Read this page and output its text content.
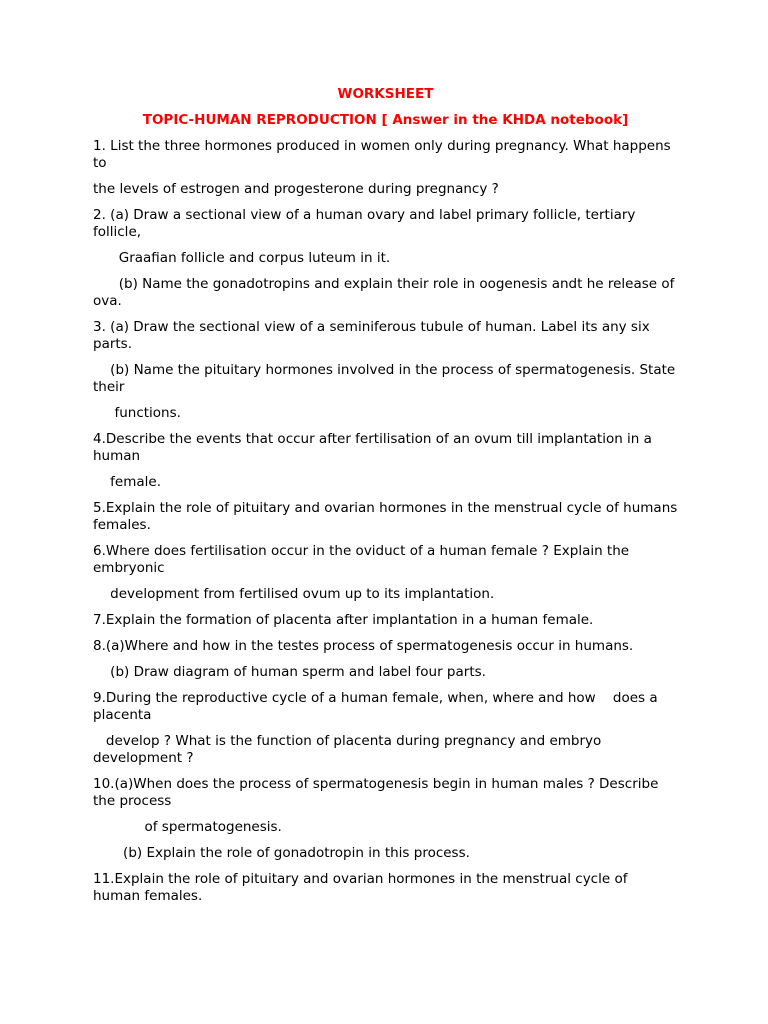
WORKSHEET
TOPIC-HUMAN REPRODUCTION [ Answer in the KHDA notebook]
1. List the three hormones produced in women only during pregnancy. What happens to
the levels of estrogen and progesterone during pregnancy ?
2. (a) Draw a sectional view of a human ovary and label primary follicle, tertiary follicle,
Graafian follicle and corpus luteum in it.
(b) Name the gonadotropins and explain their role in oogenesis andt he release of ova.
3. (a) Draw the sectional view of a seminiferous tubule of human. Label its any six parts.
(b) Name the pituitary hormones involved in the process of spermatogenesis. State their
functions.
4.Describe the events that occur after fertilisation of an ovum till implantation in a human
female.
5.Explain the role of pituitary and ovarian hormones in the menstrual cycle of humans females.
6.Where does fertilisation occur in the oviduct of a human female ? Explain the embryonic
development from fertilised ovum up to its implantation.
7.Explain the formation of placenta after implantation in a human female.
8.(a)Where and how in the testes process of spermatogenesis occur in humans.
(b) Draw diagram of human sperm and label four parts.
9.During the reproductive cycle of a human female, when, where and how    does a placenta
develop ? What is the function of placenta during pregnancy and embryo development ?
10.(a)When does the process of spermatogenesis begin in human males ? Describe the process
of spermatogenesis.
(b) Explain the role of gonadotropin in this process.
11.Explain the role of pituitary and ovarian hormones in the menstrual cycle of human females.
